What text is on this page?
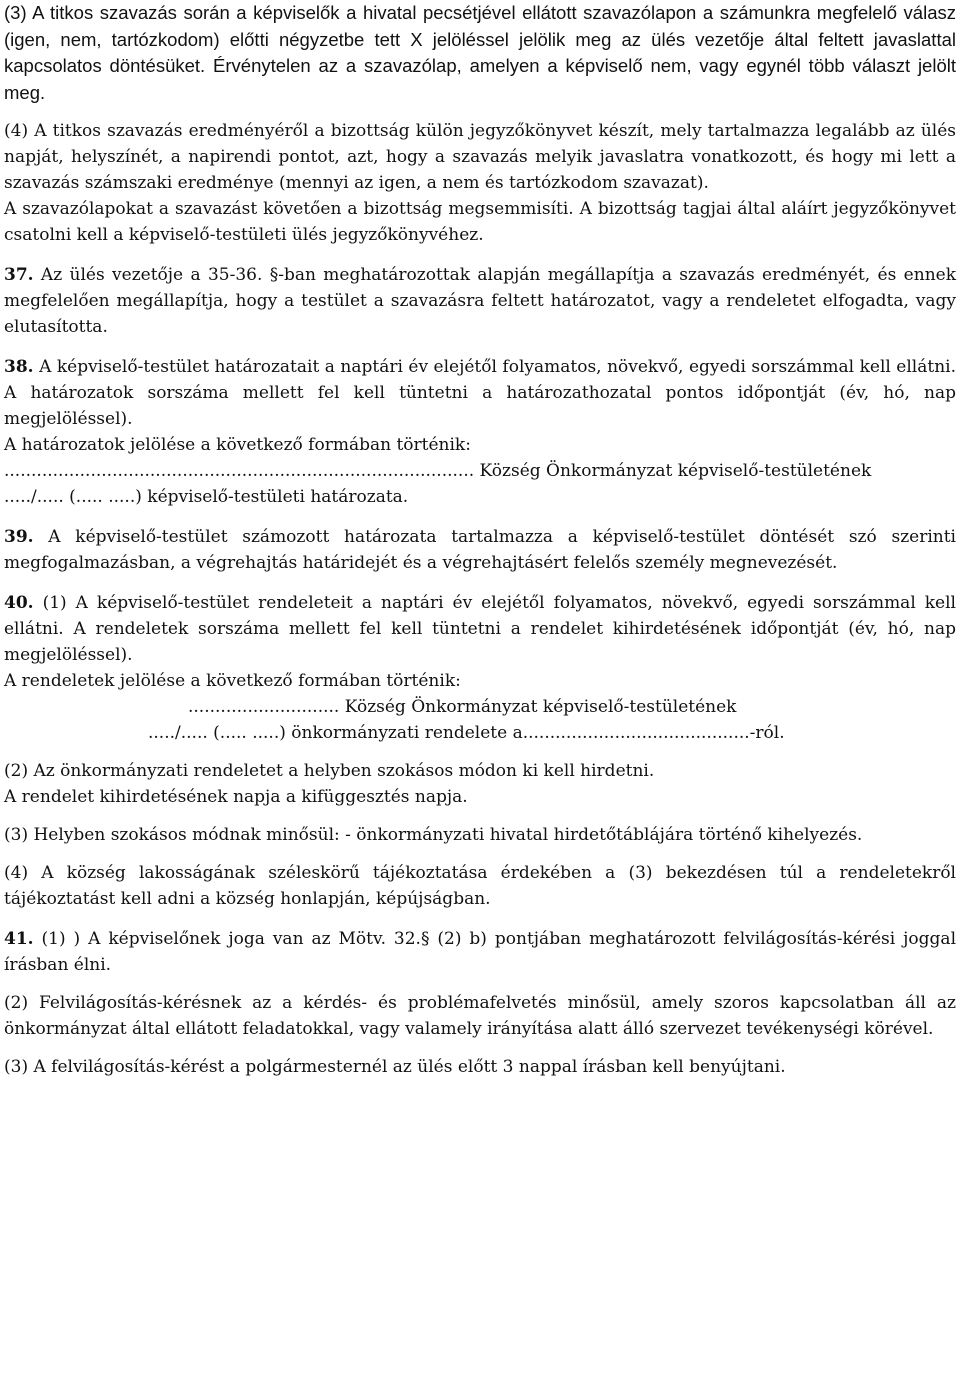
(3) A titkos szavazás során a képviselők a hivatal pecsétjével ellátott szavazólapon a számunkra megfelelő válasz (igen, nem, tartózkodom) előtti négyzetbe tett X jelöléssel jelölik meg az ülés vezetője által feltett javaslattal kapcsolatos döntésüket. Érvénytelen az a szavazólap, amelyen a képviselő nem, vagy egynél több választ jelölt meg.

(4) A titkos szavazás eredményéről a bizottság külön jegyzőkönyvet készít, mely tartalmazza legalább az ülés napját, helyszínét, a napirendi pontot, azt, hogy a szavazás melyik javaslatra vonatkozott, és hogy mi lett a szavazás számszaki eredménye (mennyi az igen, a nem és tartózkodom szavazat).

A szavazólapokat a szavazást követően a bizottság megsemmisíti. A bizottság tagjai által aláírt jegyzőkönyvet csatolni kell a képviselő-testületi ülés jegyzőkönyvéhez.

37. Az ülés vezetője a 35-36. §-ban meghatározottak alapján megállapítja a szavazás eredményét, és ennek megfelelően megállapítja, hogy a testület a szavazásra feltett határozatot, vagy a rendeletet elfogadta, vagy elutasította.

38. A képviselő-testület határozatait a naptári év elejétől folyamatos, növekvő, egyedi sorszámmal kell ellátni. A határozatok sorszáma mellett fel kell tüntetni a határozathozatal pontos időpontját (év, hó, nap megjelöléssel).

A határozatok jelölése a következő formában történik:

....................................................................................... Község Önkormányzat képviselő-testületének

...../..... (..... .....) képviselő-testületi határozata.

39. A képviselő-testület számozott határozata tartalmazza a képviselő-testület döntését szó szerinti megfogalmazásban, a végrehajtás határidejét és a végrehajtásért felelős személy megnevezését.

40. (1) A képviselő-testület rendeleteit a naptári év elejétől folyamatos, növekvő, egyedi sorszámmal kell ellátni. A rendeletek sorszáma mellett fel kell tüntetni a rendelet kihirdetésének időpontját (év, hó, nap megjelöléssel).

A rendeletek jelölése a következő formában történik:

............................ Község Önkormányzat képviselő-testületének

...../..... (..... .....) önkormányzati rendelete a..........................................-ról.

(2) Az önkormányzati rendeletet a helyben szokásos módon ki kell hirdetni.

A rendelet kihirdetésének napja a kifüggesztés napja.

(3) Helyben szokásos módnak minősül: - önkormányzati hivatal hirdetőtáblájára történő kihelyezés.

(4) A község lakosságának széleskörű tájékoztatása érdekében a (3) bekezdésen túl a rendeletekről tájékoztatást kell adni a község honlapján, képújságban.

41. (1) ) A képviselőnek joga van az Mötv. 32.§ (2) b) pontjában meghatározott felvilágosítás-kérési joggal írásban élni.

(2) Felvilágosítás-kérésnek az a kérdés- és problémafelvetés minősül, amely szoros kapcsolatban áll az önkormányzat által ellátott feladatokkal, vagy valamely irányítása alatt álló szervezet tevékenységi körével.

(3) A felvilágosítás-kérést a polgármesternél az ülés előtt 3 nappal írásban kell benyújtani.
